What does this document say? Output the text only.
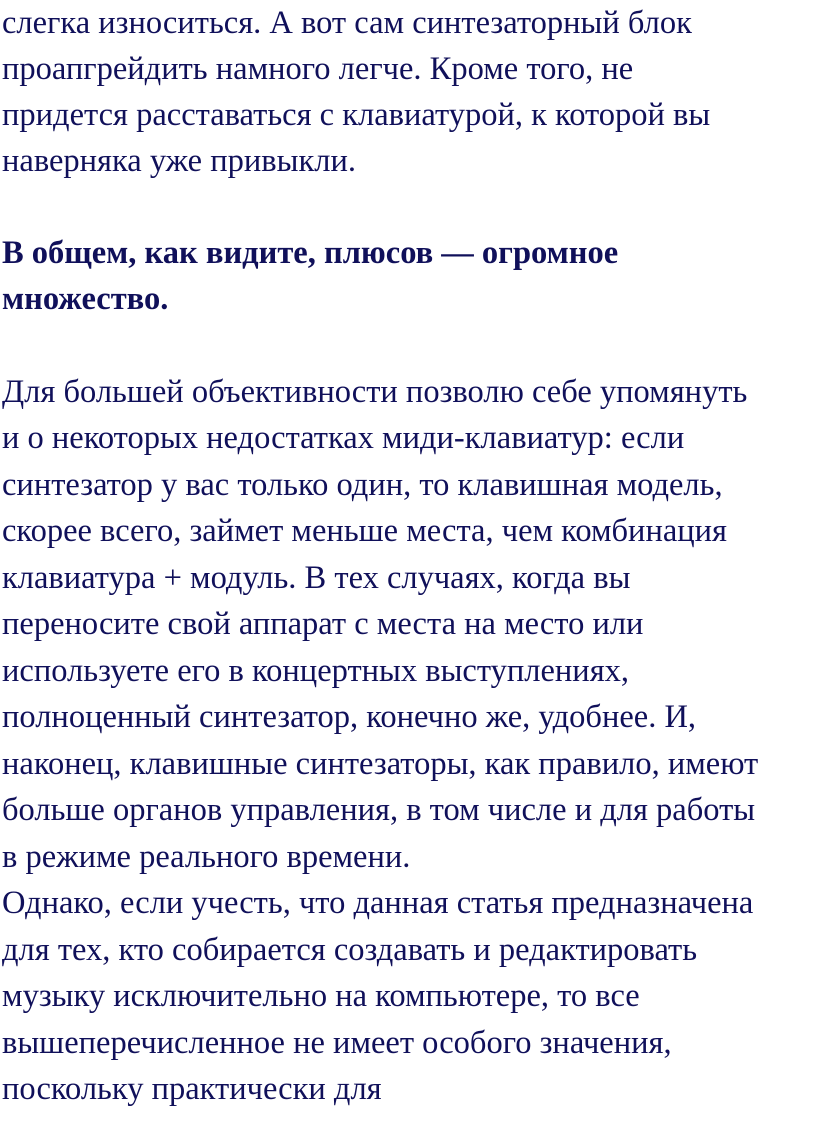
слегка износиться. А вот сам синтезаторный блок
проапгрейдить намного легче. Кроме того, не
придется расставаться с клавиатурой, к которой вы
наверняка уже привыкли.
В общем, как видите, плюсов — огромное
множество.
Для большей объективности позволю себе упомянуть
и о некоторых недостатках миди-клавиатур: если
синтезатор у вас только один, то клавишная модель,
скорее всего, займет меньше места, чем комбинация
клавиатура + модуль. В тех случаях, когда вы
переносите свой аппарат с места на место или
используете его в концертных выступлениях,
полноценный синтезатор, конечно же, удобнее. И,
наконец, клавишные синтезаторы, как правило, имеют
больше органов управления, в том числе и для работы
в режиме реального времени.
Однако, если учесть, что данная статья предназначена
для тех, кто собирается создавать и редактировать
музыку исключительно на компьютере, то все
вышеперечисленное не имеет особого значения,
поскольку практически для
